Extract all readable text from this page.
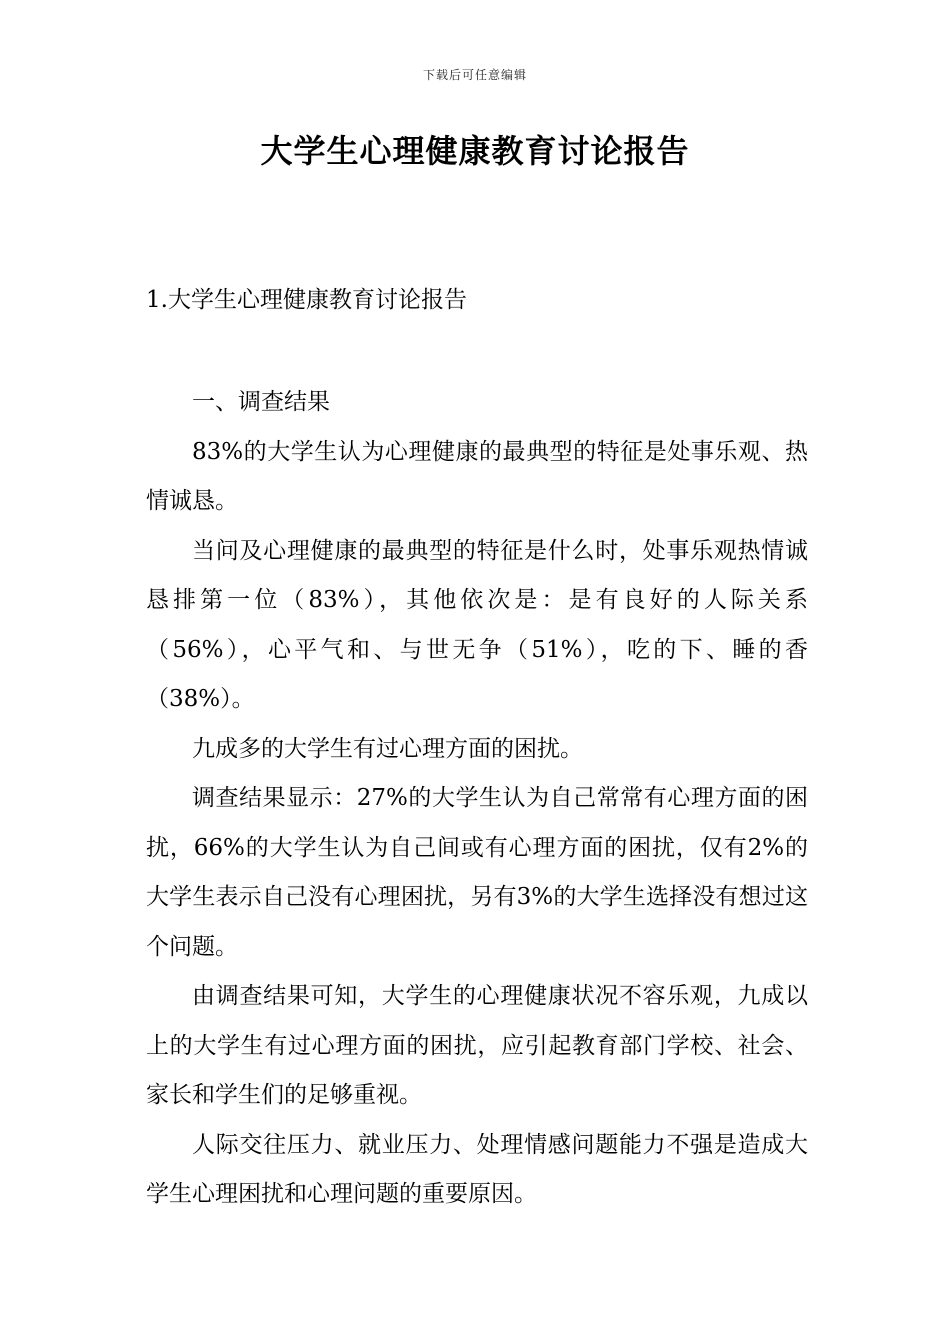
下载后可任意编辑
大学生心理健康教育讨论报告
1.大学生心理健康教育讨论报告

一、调查结果

83%的大学生认为心理健康的最典型的特征是处事乐观、热情诚恳。

当问及心理健康的最典型的特征是什么时，处事乐观热情诚恳排第一位（83%），其他依次是：是有良好的人际关系（56%），心平气和、与世无争（51%），吃的下、睡的香（38%）。

九成多的大学生有过心理方面的困扰。

调查结果显示：27%的大学生认为自己常常有心理方面的困扰，66%的大学生认为自己间或有心理方面的困扰，仅有2%的大学生表示自己没有心理困扰，另有3%的大学生选择没有想过这个问题。

由调查结果可知，大学生的心理健康状况不容乐观，九成以上的大学生有过心理方面的困扰，应引起教育部门学校、社会、家长和学生们的足够重视。

人际交往压力、就业压力、处理情感问题能力不强是造成大学生心理困扰和心理问题的重要原因。
